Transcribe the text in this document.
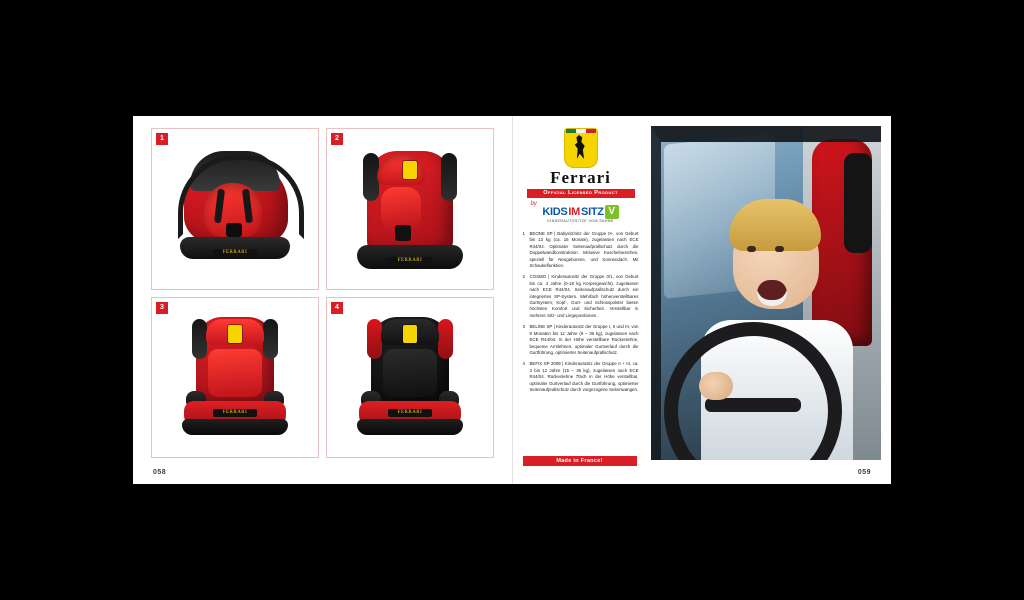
1
FERRARI
2
FERRARI
3
FERRARI
4
FERRARI
058
Ferrari
Official Licensed Product
by
KIDS IM SITZ V
KINDERAUTOSITZE VOM SAHNE
1	BEONE SP | Babysitz/sitz der Gruppe 0+, von Geburt bis 13 kg (ca. 15 Monate), zugelassen nach ECE R44/04. Optimaler Seitenaufprallschutz durch die Doppelwandkonstruktion. Inklusive Kuschelnestchen, speziell für Neugeborene, und Sonnendach. Mit Schaukelfunktion.
2	COSMO | Kinderautositz der Gruppe 0/1, von Geburt bis ca. 4 Jahre (0-18 kg Körpergewicht), zugelassen nach ECE R44/04. Seitenaufprallschutz durch ein integriertes SP-System. Mehrfach höhenverstellbares Gurtsystem, Kopf-, Gurt- und Schlosspolster bieten höchsten Komfort und Sicherheit. Verstellbar in mehrere Sitz- und Liegepositionen.
3	BELINE SP | Kinderautositz der Gruppe I, II und III, von 8 Monaten bis 12 Jahre (9 – 36 kg), zugelassen nach ECE R44/04. In der Höhe verstellbare Rückenlehne, bequeme Armlehnen, optimaler Gurtverlauf durch die Gurtführung, optimierter Seitenaufprallschutz.
4	BEFIX SP 2008 | Kinderautositz der Gruppe II + III, ca. 3 bis 12 Jahre (15 – 36 kg), zugelassen nach ECE R44/04. Rückenlehne 7fach in der Höhe verstellbar, optimaler Gurtverlauf durch die Gurtführung, optimierter Seitenaufprallschutz durch vorgezogene Seitenwangen.
Made in France!
059
